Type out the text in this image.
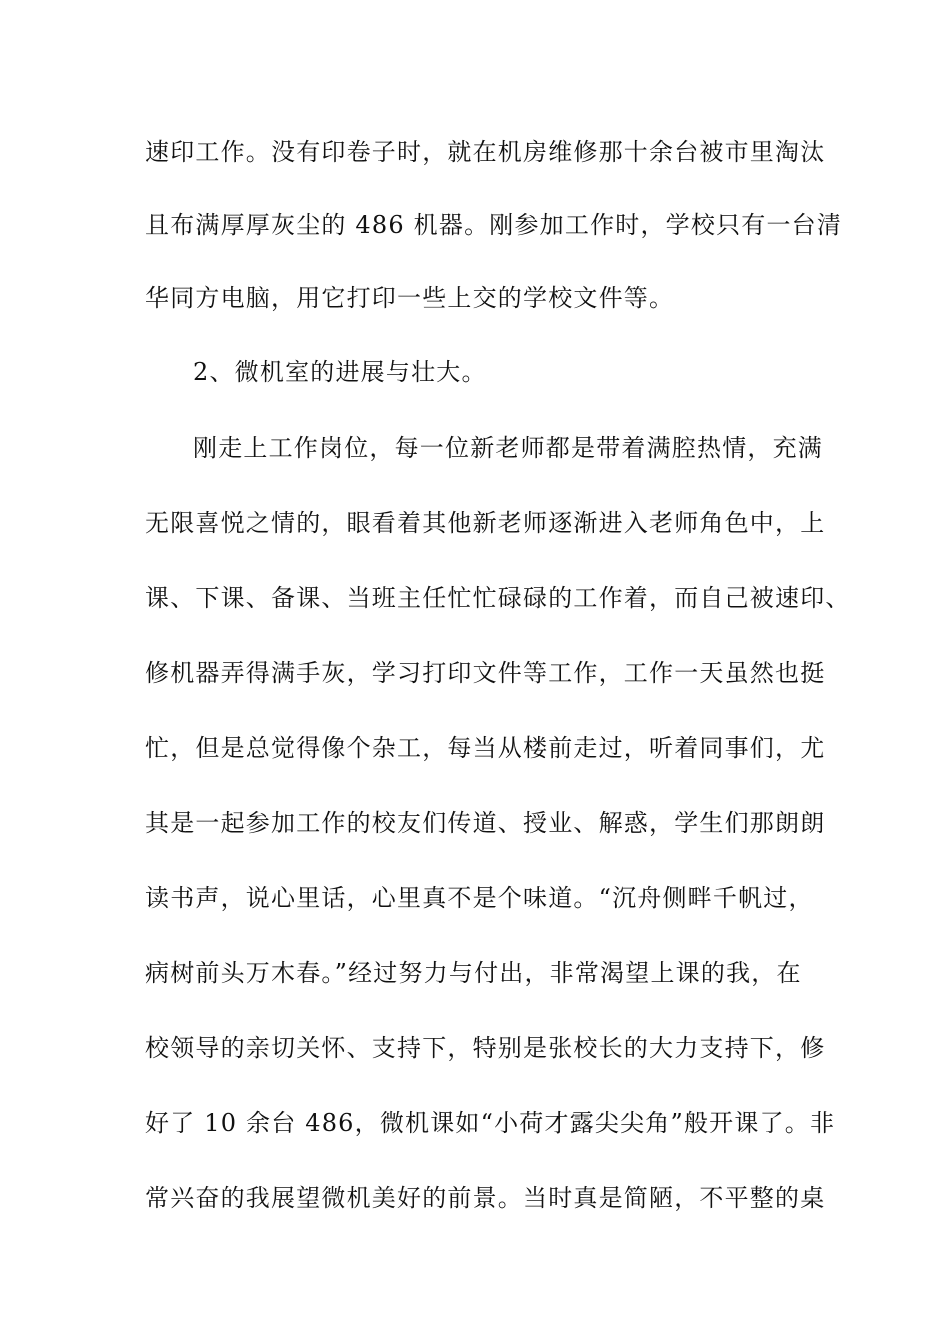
速印工作。没有印卷子时，就在机房维修那十余台被市里淘汰
且布满厚厚灰尘的 486 机器。刚参加工作时，学校只有一台清
华同方电脑，用它打印一些上交的学校文件等。
2、微机室的进展与壮大。
刚走上工作岗位，每一位新老师都是带着满腔热情，充满
无限喜悦之情的，眼看着其他新老师逐渐进入老师角色中，上
课、下课、备课、当班主任忙忙碌碌的工作着，而自己被速印、
修机器弄得满手灰，学习打印文件等工作，工作一天虽然也挺
忙，但是总觉得像个杂工，每当从楼前走过，听着同事们，尤
其是一起参加工作的校友们传道、授业、解惑，学生们那朗朗
读书声，说心里话，心里真不是个味道。“沉舟侧畔千帆过，
病树前头万木春。”经过努力与付出，非常渴望上课的我，在
校领导的亲切关怀、支持下，特别是张校长的大力支持下，修
好了 10 余台 486，微机课如“小荷才露尖尖角”般开课了。非
常兴奋的我展望微机美好的前景。当时真是简陋，不平整的桌
